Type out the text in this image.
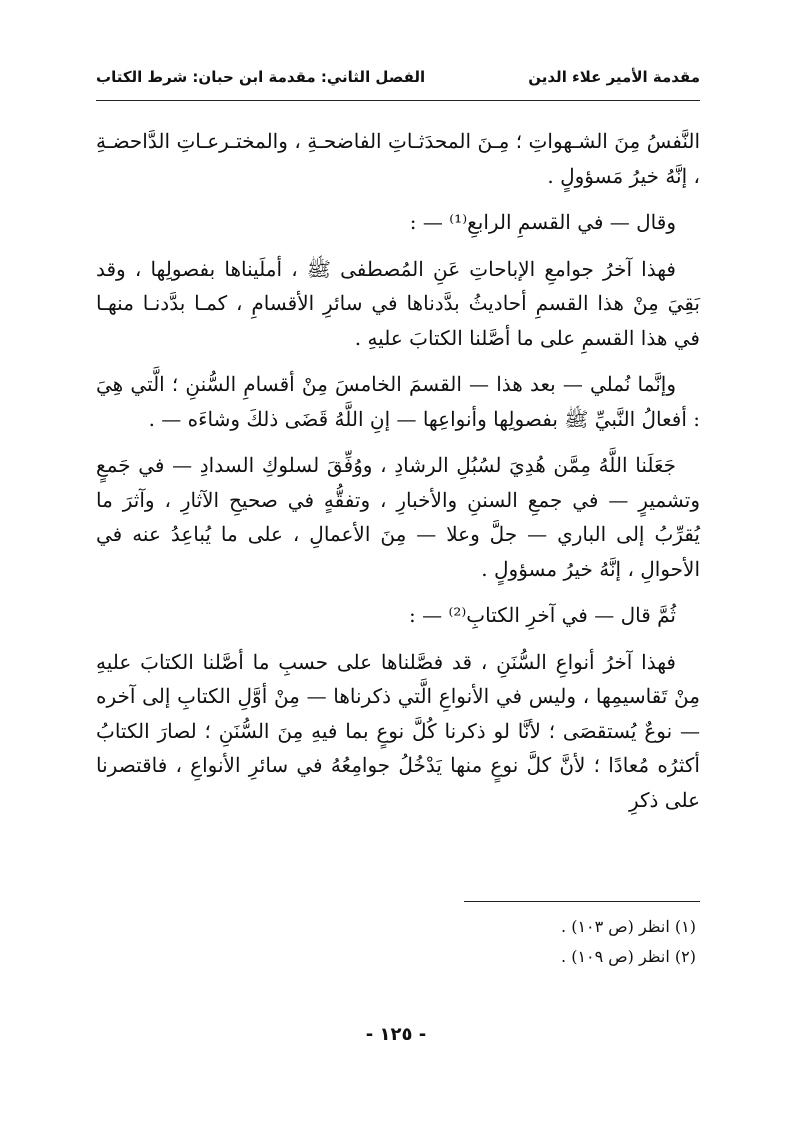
مقدمة الأمير علاء الدين
الفصل الثاني: مقدمة ابن حبان: شرط الكتاب

النَّفسُ مِنَ الشـهواتِ ؛ مِـنَ المحدَثـاتِ الفاضحـةِ ، والمختـرعـاتِ الدَّاحضـةِ ، إنَّهُ خيرُ مَسؤولٍ .

وقال — في القسمِ الرابعِ⁽¹⁾ — :

فهذا آخرُ جوامعِ الإباحاتِ عَنِ المُصطفى ﷺ ، أملَيناها بفصولِها ، وقد بَقِيَ مِنْ هذا القسمِ أحاديثُ بدَّدناها في سائرِ الأقسامِ ، كمـا بدَّدنـا منهـا في هذا القسمِ على ما أصَّلنا الكتابَ عليهِ .

وإنَّما نُملي — بعد هذا — القسمَ الخامسَ مِنْ أقسامِ السُّننِ ؛ الَّتي هِيَ : أفعالُ النَّبيِّ ﷺ بفصولِها وأنواعِها — إنِ اللَّهُ قَضَى ذلكَ وشاءَه — .

جَعَلَنا اللَّهُ مِمَّن هُدِيَ لسُبُلِ الرشادِ ، ووُفِّقَ لسلوكِ السدادِ — في جَمعٍ وتشميرٍ — في جمعِ السننِ والأخبارِ ، وتفقُّهٍ في صحيحِ الآثارِ ، وآثرَ ما يُقرِّبُ إلى الباري — جلَّ وعلا — مِنَ الأعمالِ ، على ما يُباعِدُ عنه في الأحوالِ ، إنَّهُ خيرُ مسؤولٍ .

ثُمَّ قال — في آخرِ الكتابِ⁽²⁾ — :

فهذا آخرُ أنواعِ السُّنَنِ ، قد فصَّلناها على حسبِ ما أصَّلنا الكتابَ عليهِ مِنْ تَقاسيمِها ، وليس في الأنواعِ الَّتي ذكرناها — مِنْ أوَّلِ الكتابِ إلى آخره — نوعٌ يُستقصَى ؛ لأنَّا لو ذكرنا كُلَّ نوعٍ بما فيهِ مِنَ السُّنَنِ ؛ لصارَ الكتابُ أكثرُه مُعادًا ؛ لأنَّ كلَّ نوعٍ منها يَدْخُلُ جوامِعُهُ في سائرِ الأنواعِ ، فاقتصرنا على ذكرِ

(١) انظر (ص ١٠٣) .
(٢) انظر (ص ١٠٩) .
- ١٢٥ -
